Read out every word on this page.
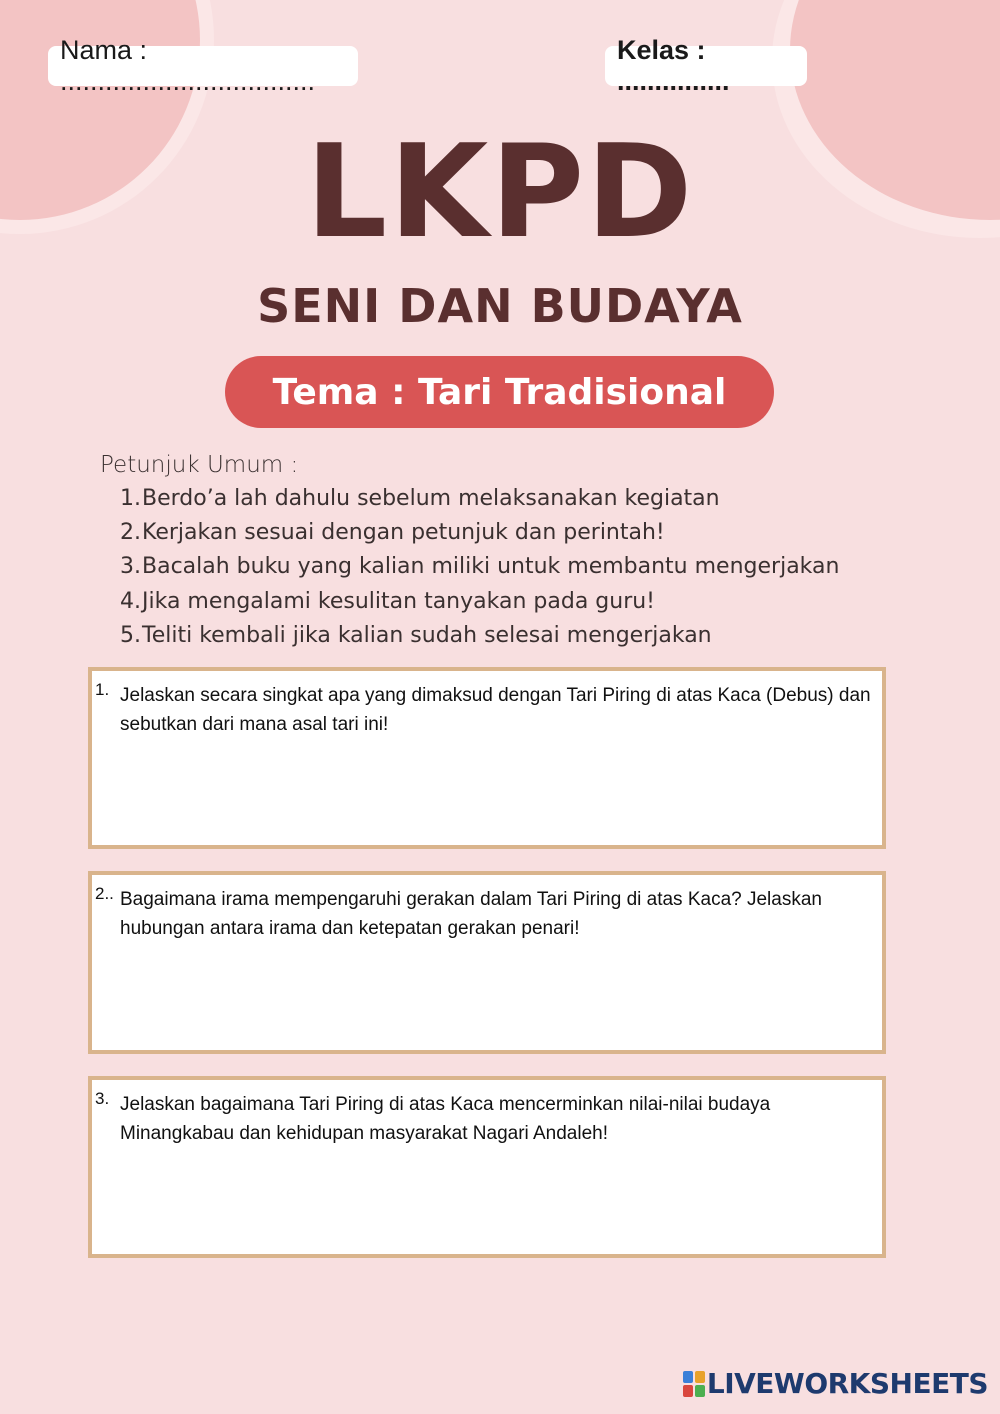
Nama : ..................................
Kelas : ...............
LKPD
SENI DAN BUDAYA
Tema : Tari Tradisional
Petunjuk Umum :
1. Berdo’a lah dahulu sebelum melaksanakan kegiatan
2. Kerjakan sesuai dengan petunjuk dan perintah!
3. Bacalah buku yang kalian miliki untuk membantu mengerjakan
4. Jika mengalami kesulitan tanyakan pada guru!
5. Teliti kembali jika kalian sudah selesai mengerjakan
1. Jelaskan secara singkat apa yang dimaksud dengan Tari Piring di atas Kaca (Debus) dan sebutkan dari mana asal tari ini!
2.. Bagaimana irama mempengaruhi gerakan dalam Tari Piring di atas Kaca? Jelaskan hubungan antara irama dan ketepatan gerakan penari!
3. Jelaskan bagaimana Tari Piring di atas Kaca mencerminkan nilai-nilai budaya Minangkabau dan kehidupan masyarakat Nagari Andaleh!
LIVEWORKSHEETS
